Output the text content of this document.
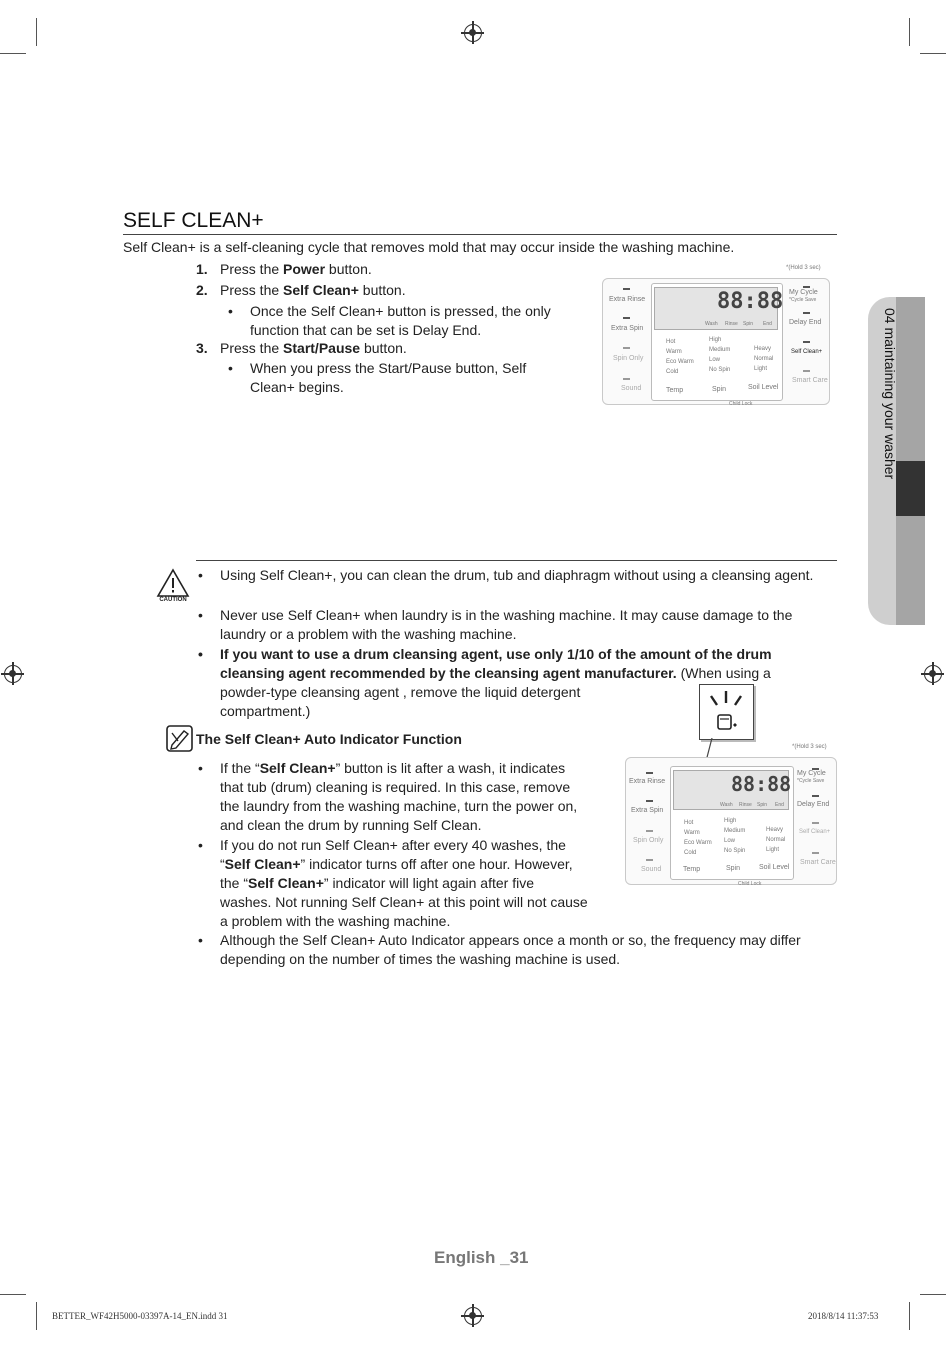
SELF CLEAN+
Self Clean+ is a self-cleaning cycle that removes mold that may occur inside the washing machine.
1. Press the Power button.
2. Press the Self Clean+ button.
• Once the Self Clean+ button is pressed, the only function that can be set is Delay End.
3. Press the Start/Pause button.
• When you press the Start/Pause button, Self Clean+ begins.
*(Hold 3 sec)
Extra Rinse
Extra Spin
Spin Only
Sound
88:88
Wash Rinse Spin End
Hot
Warm
Eco Warm
Cold
High
Medium
Low
No Spin
Heavy
Normal
Light
Temp	Spin	Soil Level
My Cycle
*Cycle Save
Delay End
Self Clean+
Smart Care
Child Lock
CAUTION
• Using Self Clean+, you can clean the drum, tub and diaphragm without using a cleansing agent.
• Never use Self Clean+ when laundry is in the washing machine. It may cause damage to the laundry or a problem with the washing machine.
• If you want to use a drum cleansing agent, use only 1/10 of the amount of the drum cleansing agent recommended by the cleansing agent manufacturer. (When using a
powder-type cleansing agent , remove the liquid detergent
compartment.)
The Self Clean+ Auto Indicator Function
• If the “Self Clean+” button is lit after a wash, it indicates
that tub (drum) cleaning is required. In this case, remove
the laundry from the washing machine, turn the power on,
and clean the drum by running Self Clean.
• If you do not run Self Clean+ after every 40 washes, the
“Self Clean+” indicator turns off after one hour. However,
the “Self Clean+” indicator will light again after five
washes. Not running Self Clean+ at this point will not cause
a problem with the washing machine.
• Although the Self Clean+ Auto Indicator appears once a month or so, the frequency may differ depending on the number of times the washing machine is used.
*(Hold 3 sec)
Extra Rinse
Extra Spin
Spin Only
Sound
88:88
Wash Rinse Spin End
Hot
Warm
Eco Warm
Cold
High
Medium
Low
No Spin
Heavy
Normal
Light
Temp	Spin	Soil Level
My Cycle
*Cycle Save
Delay End
Self Clean+
Smart Care
Child Lock
04 maintaining your washer
English _31
BETTER_WF42H5000-03397A-14_EN.indd 31	2018/8/14 11:37:53
